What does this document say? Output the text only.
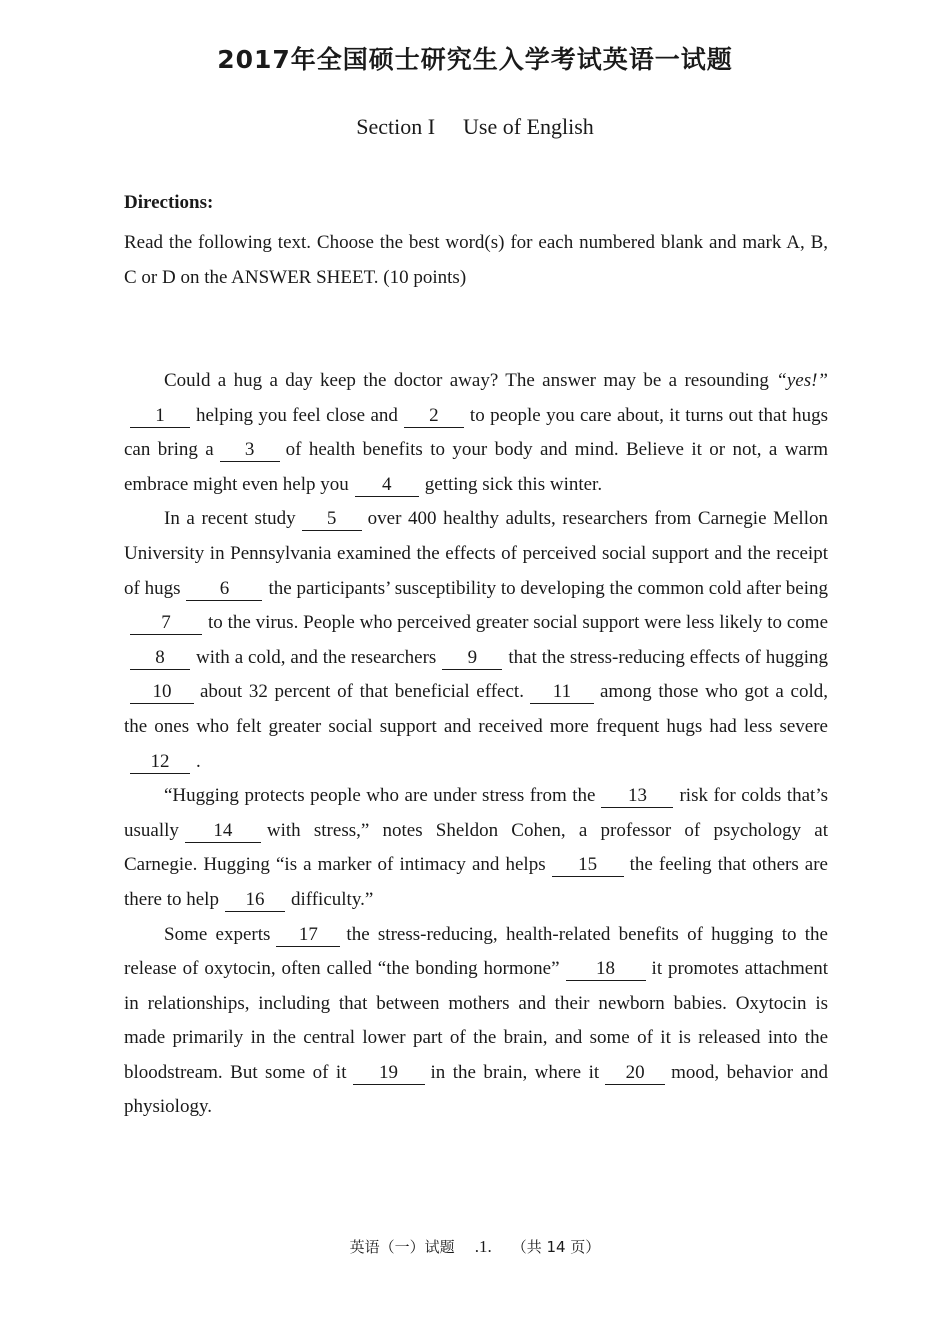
2017年全国硕士研究生入学考试英语一试题
Section I Use of English
Directions:
Read the following text. Choose the best word(s) for each numbered blank and mark A, B, C or D on the ANSWER SHEET. (10 points)

Could a hug a day keep the doctor away? The answer may be a resounding “yes!”1 helping you feel close and 2 to people you care about, it turns out that hugs can bring a 3 of health benefits to your body and mind. Believe it or not, a warm embrace might even help you 4 getting sick this winter.

In a recent study 5 over 400 healthy adults, researchers from Carnegie Mellon University in Pennsylvania examined the effects of perceived social support and the receipt of hugs 6 the participants’ susceptibility to developing the common cold after being7 to the virus. People who perceived greater social support were less likely to come8 with a cold, and the researchers 9 that the stress-reducing effects of hugging10 about 32 percent of that beneficial effect. 11 among those who got a cold, the ones who felt greater social support and received more frequent hugs had less severe12 .

“Hugging protects people who are under stress from the 13 risk for colds that’s usually 14 with stress,” notes Sheldon Cohen, a professor of psychology at Carnegie. Hugging “is a marker of intimacy and helps 15 the feeling that others are there to help 16 difficulty.”

Some experts 17 the stress-reducing, health-related benefits of hugging to the release of oxytocin, often called “the bonding hormone” 18 it promotes attachment in relationships, including that between mothers and their newborn babies. Oxytocin is made primarily in the central lower part of the brain, and some of it is released into the bloodstream. But some of it 19 in the brain, where it 20 mood, behavior and physiology.

英语（一）试题 .1. （共 14 页）
